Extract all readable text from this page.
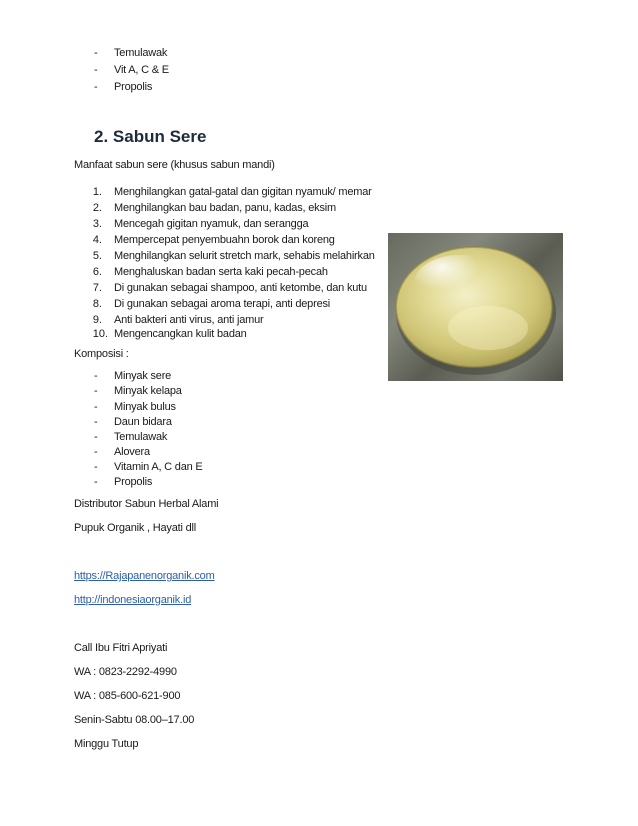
- Temulawak
- Vit A, C & E
- Propolis
2. Sabun Sere
Manfaat sabun sere (khusus sabun mandi)
1. Menghilangkan gatal-gatal dan gigitan nyamuk/ memar
2. Menghilangkan bau badan, panu, kadas, eksim
3. Mencegah gigitan nyamuk, dan serangga
4. Mempercepat penyembuahn borok dan koreng
5. Menghilangkan selurit stretch mark, sehabis melahirkan
6. Menghaluskan badan serta kaki pecah-pecah
7. Di gunakan sebagai shampoo, anti ketombe, dan kutu
8. Di gunakan sebagai aroma terapi, anti depresi
9. Anti bakteri anti virus, anti jamur
10. Mengencangkan kulit badan
Komposisi :
- Minyak sere
- Minyak kelapa
- Minyak bulus
- Daun bidara
- Temulawak
- Alovera
- Vitamin A, C dan E
- Propolis
Distributor Sabun Herbal Alami
Pupuk Organik , Hayati dll
https://Rajapanenorganik.com
http://indonesiaorganik.id
Call Ibu Fitri Apriyati
WA : 0823-2292-4990
WA : 085-600-621-900
Senin-Sabtu 08.00–17.00
Minggu Tutup
